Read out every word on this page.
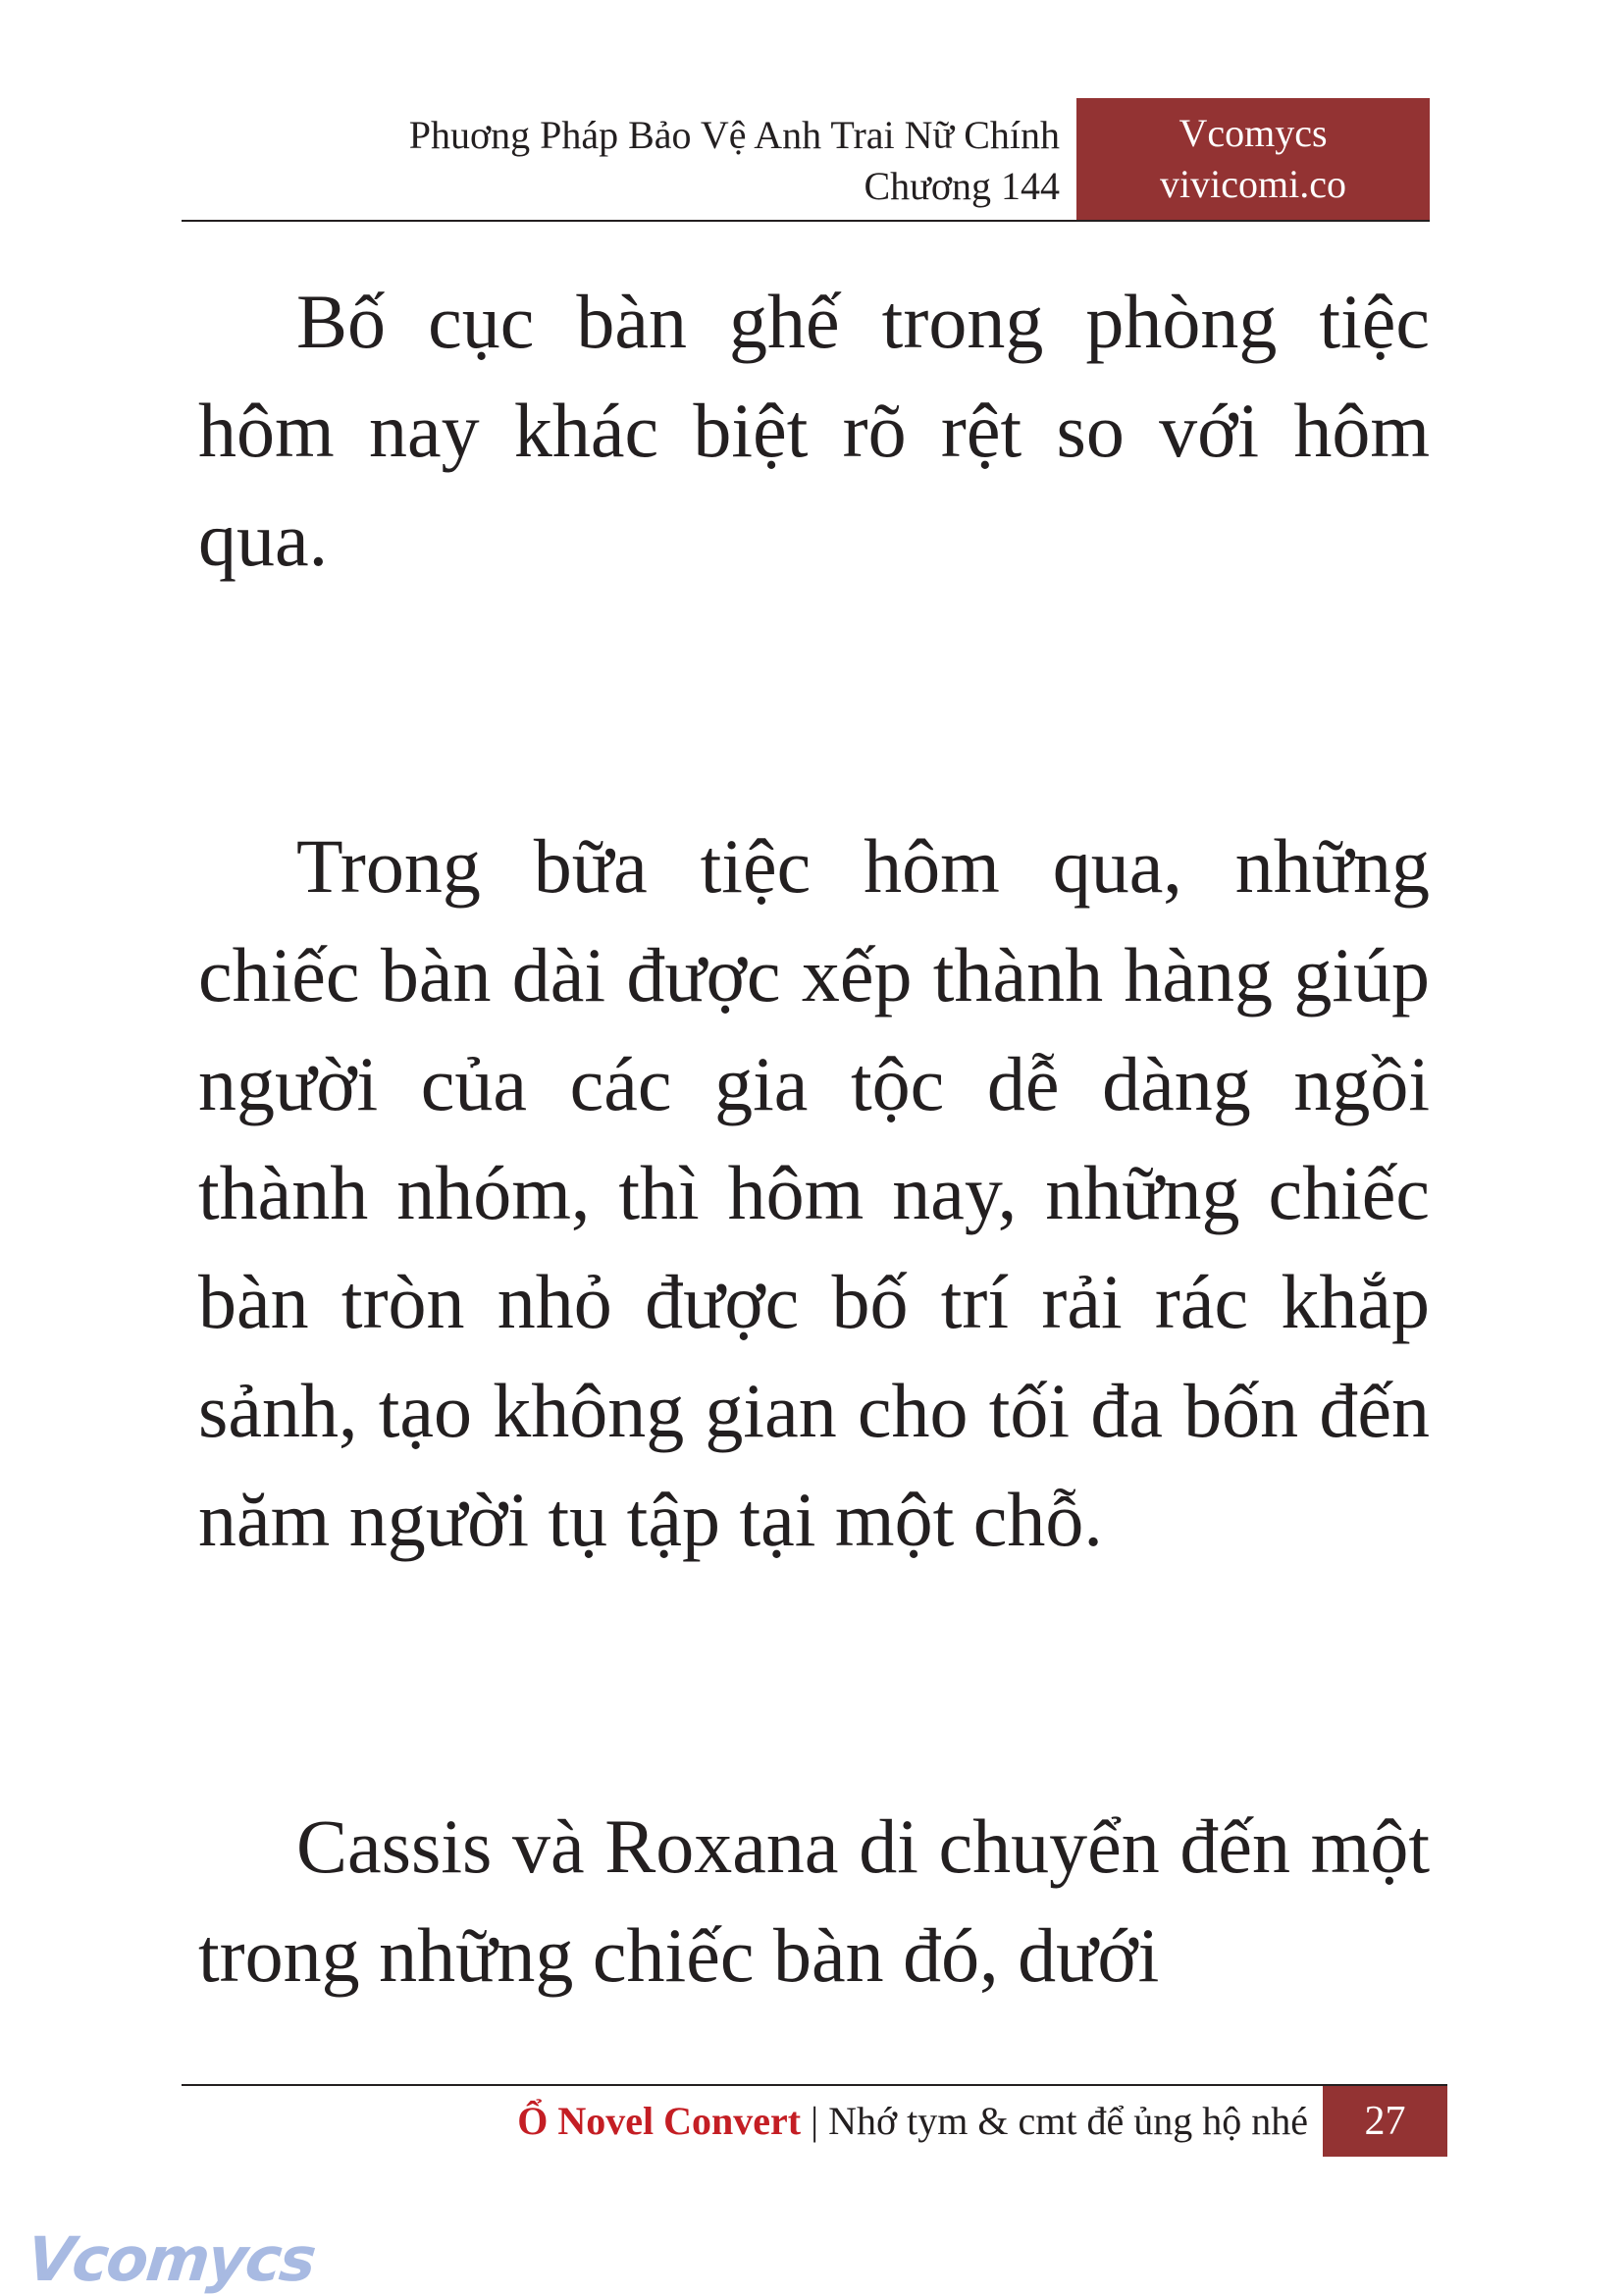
Phuơng Pháp Bảo Vệ Anh Trai Nữ Chính
Chương 144
Vcomycs
vivicomi.co

Bố cục bàn ghế trong phòng tiệc hôm nay khác biệt rõ rệt so với hôm qua.

Trong bữa tiệc hôm qua, những chiếc bàn dài được xếp thành hàng giúp người của các gia tộc dễ dàng ngồi thành nhóm, thì hôm nay, những chiếc bàn tròn nhỏ được bố trí rải rác khắp sảnh, tạo không gian cho tối đa bốn đến năm người tụ tập tại một chỗ.

Cassis và Roxana di chuyển đến một trong những chiếc bàn đó, dưới

Ổ Novel Convert | Nhớ tym & cmt để ủng hộ nhé	27
Vcomycs
